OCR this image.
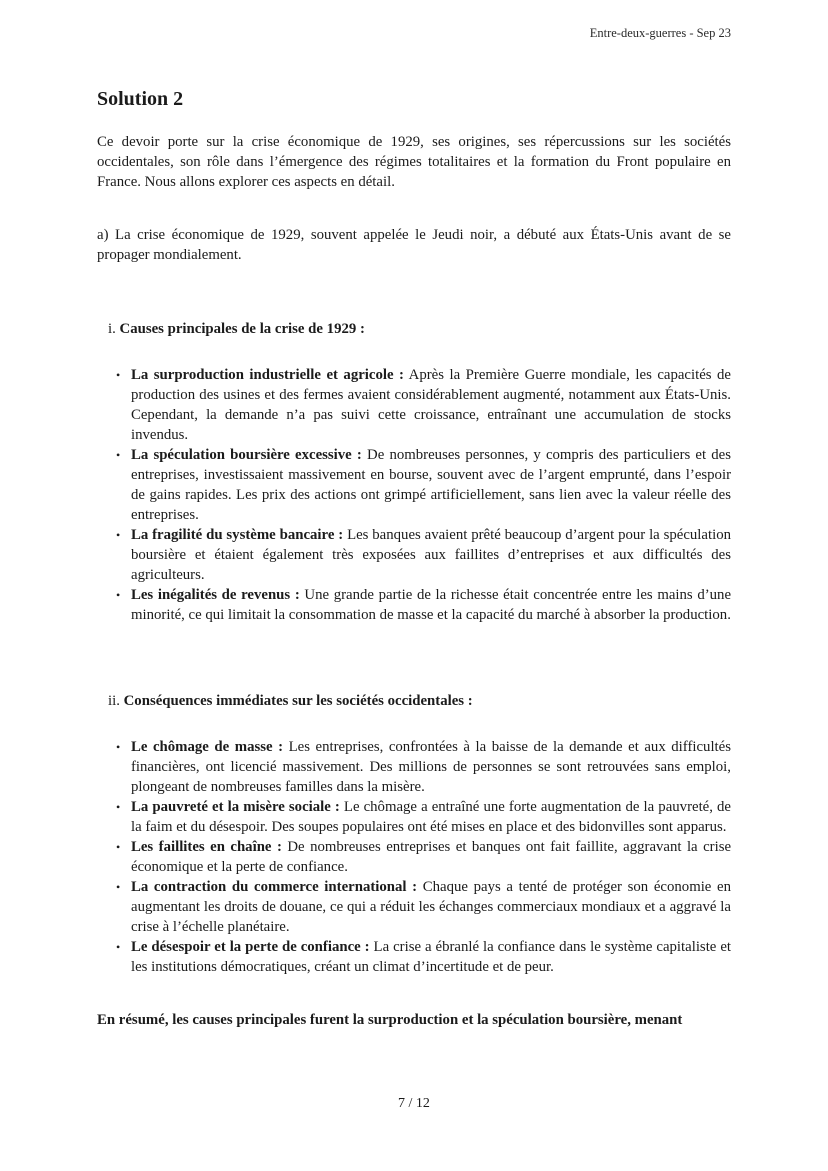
Entre-deux-guerres - Sep 23
Solution 2

Ce devoir porte sur la crise économique de 1929, ses origines, ses répercussions sur les sociétés occidentales, son rôle dans l’émergence des régimes totalitaires et la formation du Front populaire en France. Nous allons explorer ces aspects en détail.

a) La crise économique de 1929, souvent appelée le Jeudi noir, a débuté aux États-Unis avant de se propager mondialement.

i. Causes principales de la crise de 1929 :

• La surproduction industrielle et agricole : Après la Première Guerre mondiale, les capacités de production des usines et des fermes avaient considérablement augmenté, notamment aux États-Unis. Cependant, la demande n’a pas suivi cette croissance, entraînant une accumulation de stocks invendus.
• La spéculation boursière excessive : De nombreuses personnes, y compris des particuliers et des entreprises, investissaient massivement en bourse, souvent avec de l’argent emprunté, dans l’espoir de gains rapides. Les prix des actions ont grimpé artificiellement, sans lien avec la valeur réelle des entreprises.
• La fragilité du système bancaire : Les banques avaient prêté beaucoup d’argent pour la spéculation boursière et étaient également très exposées aux faillites d’entreprises et aux difficultés des agriculteurs.
• Les inégalités de revenus : Une grande partie de la richesse était concentrée entre les mains d’une minorité, ce qui limitait la consommation de masse et la capacité du marché à absorber la production.

ii. Conséquences immédiates sur les sociétés occidentales :

• Le chômage de masse : Les entreprises, confrontées à la baisse de la demande et aux difficultés financières, ont licencié massivement. Des millions de personnes se sont retrouvées sans emploi, plongeant de nombreuses familles dans la misère.
• La pauvreté et la misère sociale : Le chômage a entraîné une forte augmentation de la pauvreté, de la faim et du désespoir. Des soupes populaires ont été mises en place et des bidonvilles sont apparus.
• Les faillites en chaîne : De nombreuses entreprises et banques ont fait faillite, aggravant la crise économique et la perte de confiance.
• La contraction du commerce international : Chaque pays a tenté de protéger son économie en augmentant les droits de douane, ce qui a réduit les échanges commerciaux mondiaux et a aggravé la crise à l’échelle planétaire.
• Le désespoir et la perte de confiance : La crise a ébranlé la confiance dans le système capitaliste et les institutions démocratiques, créant un climat d’incertitude et de peur.

En résumé, les causes principales furent la surproduction et la spéculation boursière, menant

7 / 12
